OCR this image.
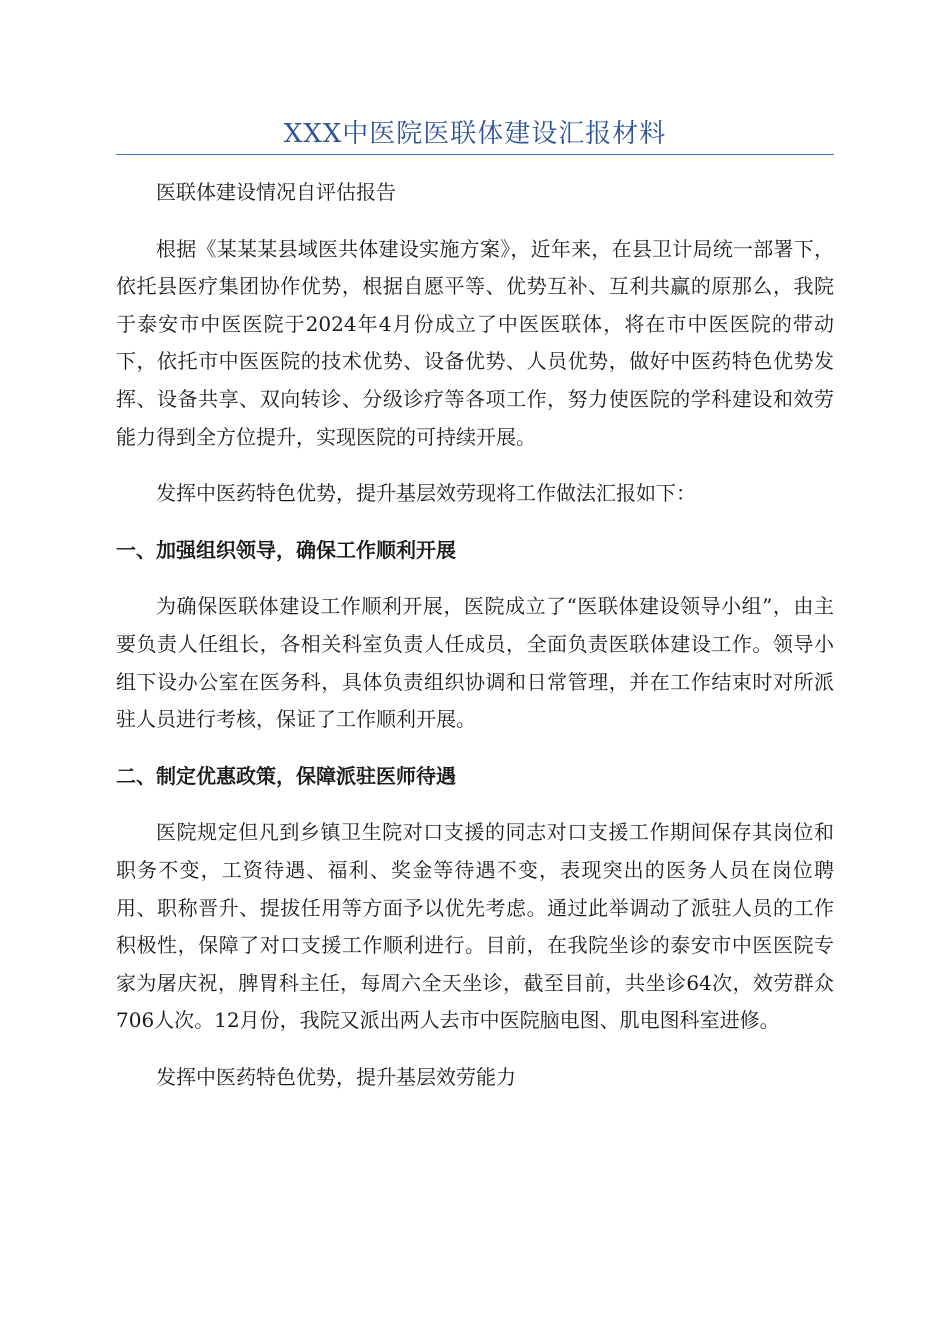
XXX中医院医联体建设汇报材料

医联体建设情况自评估报告

根据《某某某县域医共体建设实施方案》，近年来，在县卫计局统一部署下，依托县医疗集团协作优势，根据自愿平等、优势互补、互利共赢的原那么，我院于泰安市中医医院于2024年4月份成立了中医医联体，将在市中医医院的带动下，依托市中医医院的技术优势、设备优势、人员优势，做好中医药特色优势发挥、设备共享、双向转诊、分级诊疗等各项工作，努力使医院的学科建设和效劳能力得到全方位提升，实现医院的可持续开展。

发挥中医药特色优势，提升基层效劳现将工作做法汇报如下：

一、加强组织领导，确保工作顺利开展

为确保医联体建设工作顺利开展，医院成立了“医联体建设领导小组”，由主要负责人任组长，各相关科室负责人任成员，全面负责医联体建设工作。领导小组下设办公室在医务科，具体负责组织协调和日常管理，并在工作结束时对所派驻人员进行考核，保证了工作顺利开展。

二、制定优惠政策，保障派驻医师待遇

医院规定但凡到乡镇卫生院对口支援的同志对口支援工作期间保存其岗位和职务不变，工资待遇、福利、奖金等待遇不变，表现突出的医务人员在岗位聘用、职称晋升、提拔任用等方面予以优先考虑。通过此举调动了派驻人员的工作积极性，保障了对口支援工作顺利进行。目前，在我院坐诊的泰安市中医医院专家为屠庆祝，脾胃科主任，每周六全天坐诊，截至目前，共坐诊64次，效劳群众706人次。12月份，我院又派出两人去市中医院脑电图、肌电图科室进修。

发挥中医药特色优势，提升基层效劳能力
